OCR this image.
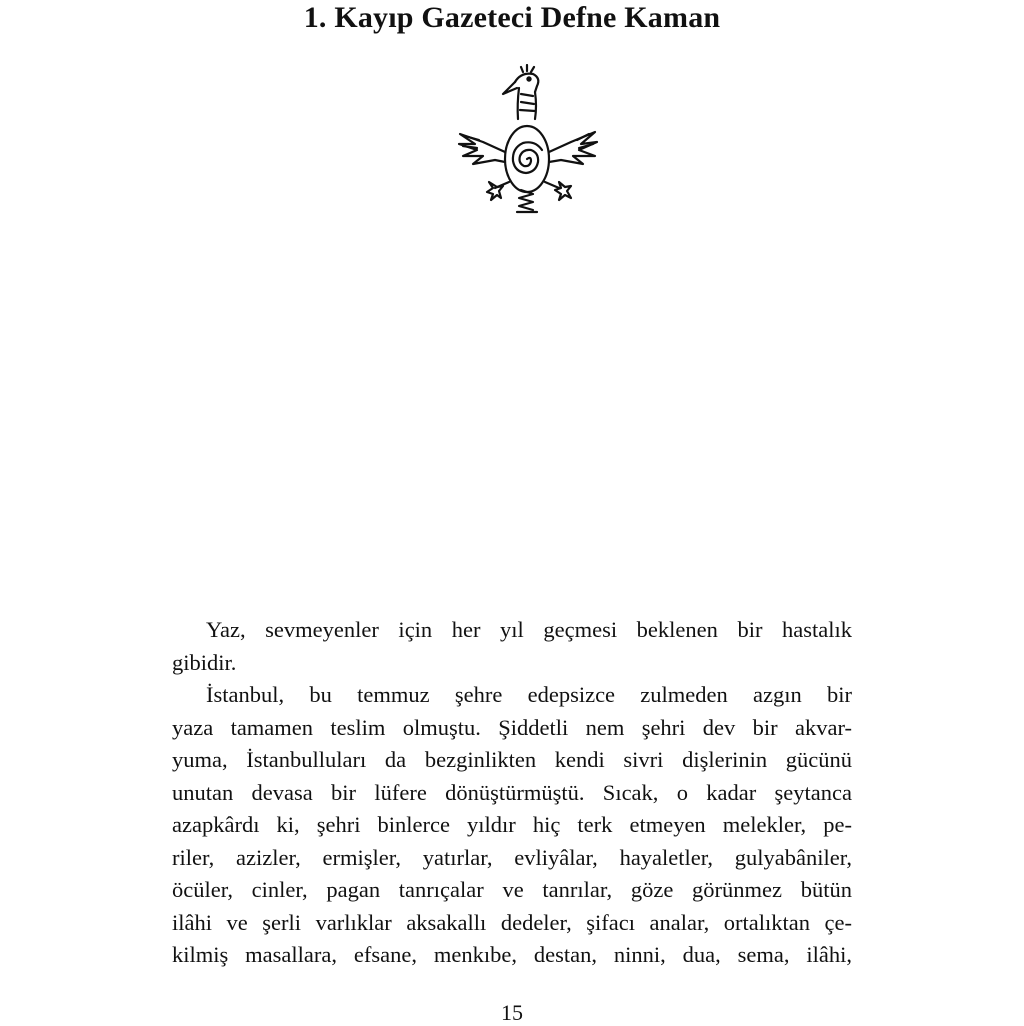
1. Kayıp Gazeteci Defne Kaman

Yaz, sevmeyenler için her yıl geçmesi beklenen bir hastalık
gibidir.

İstanbul, bu temmuz şehre edepsizce zulmeden azgın bir
yaza tamamen teslim olmuştu. Şiddetli nem şehri dev bir akvar-
yuma, İstanbulluları da bezginlikten kendi sivri dişlerinin gücünü
unutan devasa bir lüfere dönüştürmüştü. Sıcak, o kadar şeytanca
azapkârdı ki, şehri binlerce yıldır hiç terk etmeyen melekler, pe-
riler, azizler, ermişler, yatırlar, evliyâlar, hayaletler, gulyabâniler,
öcüler, cinler, pagan tanrıçalar ve tanrılar, göze görünmez bütün
ilâhi ve şerli varlıklar aksakallı dedeler, şifacı analar, ortalıktan çe-
kilmiş masallara, efsane, menkıbe, destan, ninni, dua, sema, ilâhi,

15
